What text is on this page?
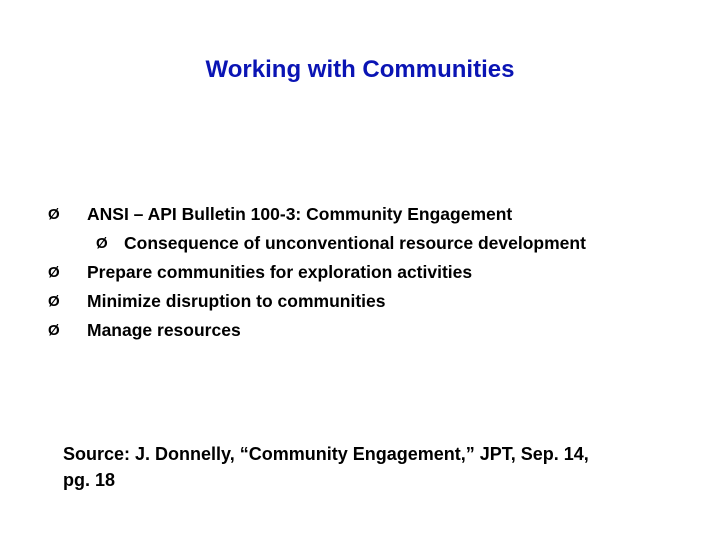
Working with Communities
Ø ANSI – API Bulletin 100-3: Community Engagement
Ø Consequence of unconventional resource development
Ø Prepare communities for exploration activities
Ø Minimize disruption to communities
Ø Manage resources
Source: J. Donnelly, “Community Engagement,” JPT, Sep. 14,
pg. 18
